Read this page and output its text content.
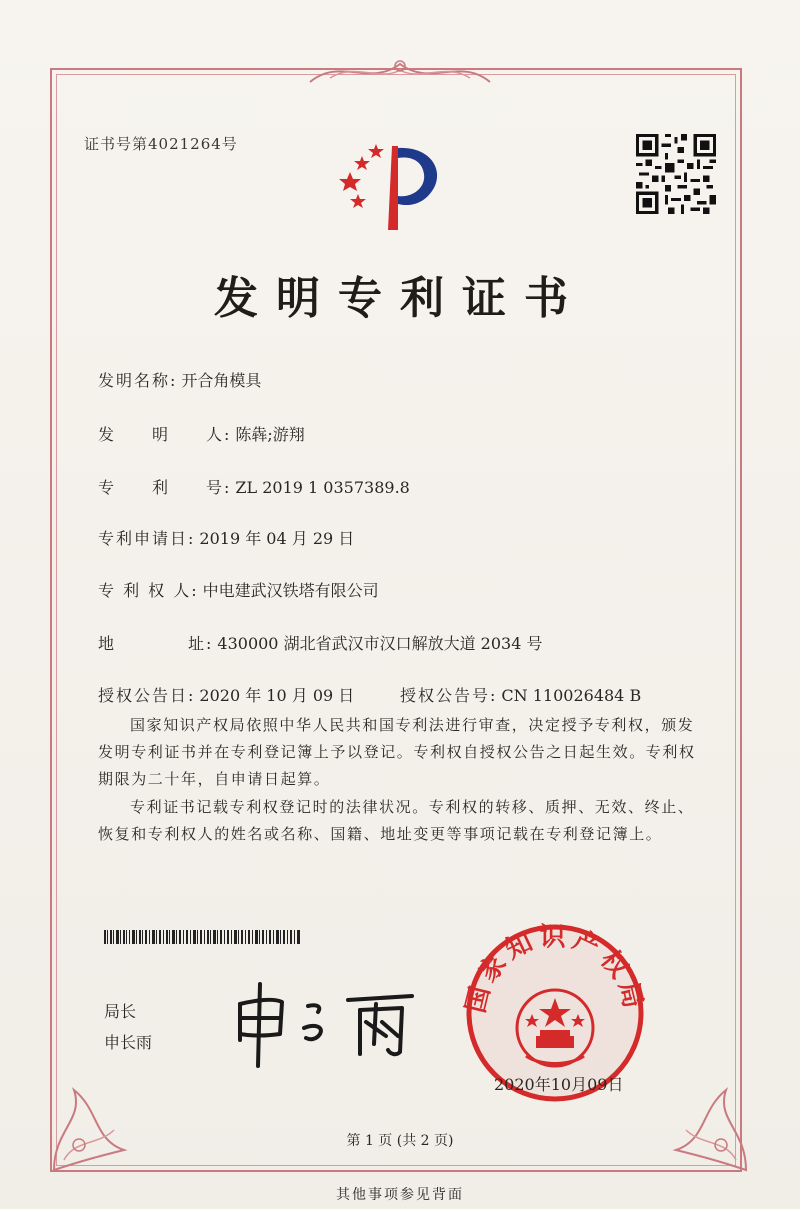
证书号第4021264号
发明专利证书
发明名称: 开合角模具
发　　明　　人: 陈犇;游翔
专　　利　　号: ZL 2019 1 0357389.8
专利申请日: 2019 年 04 月 29 日
专 利 权 人: 中电建武汉铁塔有限公司
地　　　　址: 430000 湖北省武汉市汉口解放大道 2034 号
授权公告日: 2020 年 10 月 09 日	授权公告号: CN 110026484 B
国家知识产权局依照中华人民共和国专利法进行审查，决定授予专利权，颁发发明专利证书并在专利登记簿上予以登记。专利权自授权公告之日起生效。专利权期限为二十年，自申请日起算。
专利证书记载专利权登记时的法律状况。专利权的转移、质押、无效、终止、恢复和专利权人的姓名或名称、国籍、地址变更等事项记载在专利登记簿上。
局长
申长雨
国家知识产权局
2020年10月09日
第 1 页 (共 2 页)
其他事项参见背面
